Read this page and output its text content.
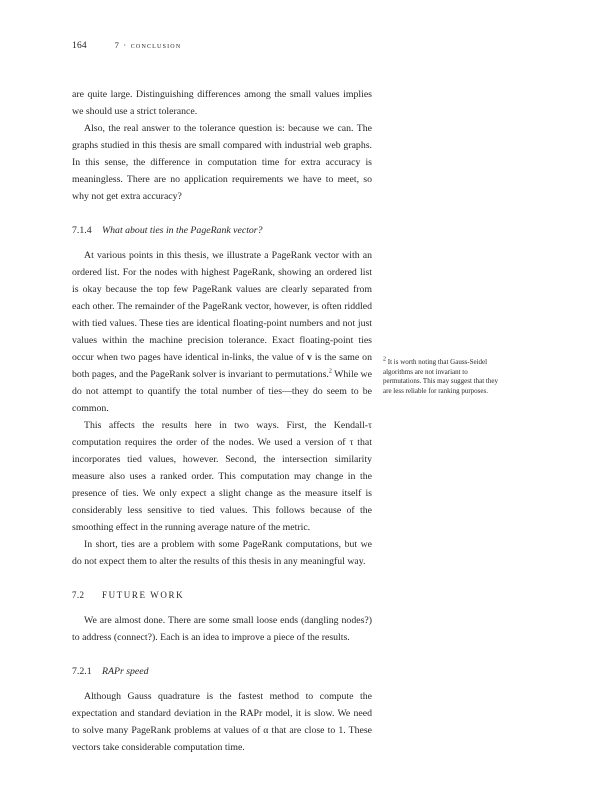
164	7 · conclusion

are quite large. Distinguishing differences among the small values implies we should use a strict tolerance.

Also, the real answer to the tolerance question is: because we can. The graphs studied in this thesis are small compared with industrial web graphs. In this sense, the difference in computation time for extra accuracy is meaningless. There are no application requirements we have to meet, so why not get extra accuracy?

7.1.4 What about ties in the PageRank vector?

At various points in this thesis, we illustrate a PageRank vector with an ordered list. For the nodes with highest PageRank, showing an ordered list is okay because the top few PageRank values are clearly separated from each other. The remainder of the PageRank vector, however, is often riddled with tied values. These ties are identical floating-point numbers and not just values within the machine precision tolerance. Exact floating-point ties occur when two pages have identical in-links, the value of v is the same on both pages, and the PageRank solver is invariant to permutations.$^2$ While we do not attempt to quantify the total number of ties—they do seem to be common.

This affects the results here in two ways. First, the Kendall-τ computation requires the order of the nodes. We used a version of τ that incorporates tied values, however. Second, the intersection similarity measure also uses a ranked order. This computation may change in the presence of ties. We only expect a slight change as the measure itself is considerably less sensitive to tied values. This follows because of the smoothing effect in the running average nature of the metric.

In short, ties are a problem with some PageRank computations, but we do not expect them to alter the results of this thesis in any meaningful way.

7.2 FUTURE WORK

We are almost done. There are some small loose ends (dangling nodes?) to address (connect?). Each is an idea to improve a piece of the results.

7.2.1 RAPr speed

Although Gauss quadrature is the fastest method to compute the expectation and standard deviation in the RAPr model, it is slow. We need to solve many PageRank problems at values of α that are close to 1. These vectors take considerable computation time.

$^2$ It is worth noting that Gauss-Seidel algorithms are not invariant to permutations. This may suggest that they are less reliable for ranking purposes.
